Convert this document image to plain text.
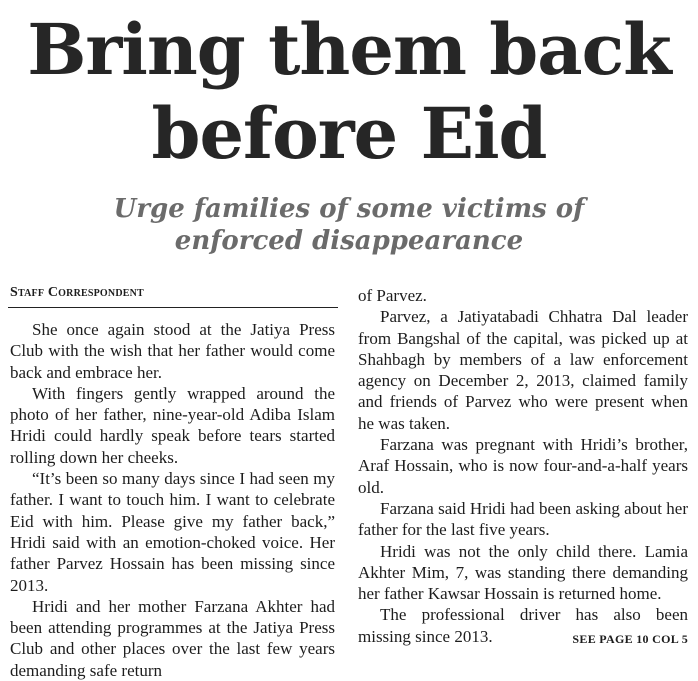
Bring them back
before Eid
Urge families of some victims of
enforced disappearance
Staff Correspondent

She once again stood at the Jatiya Press Club with the wish that her father would come back and embrace her.

With fingers gently wrapped around the photo of her father, nine-year-old Adiba Islam Hridi could hardly speak before tears started rolling down her cheeks.

“It’s been so many days since I had seen my father. I want to touch him. I want to celebrate Eid with him. Please give my father back,” Hridi said with an emotion-choked voice. Her father Parvez Hossain has been missing since 2013.

Hridi and her mother Farzana Akhter had been attending programmes at the Jatiya Press Club and other places over the last few years demanding safe return

of Parvez.

Parvez, a Jatiyatabadi Chhatra Dal leader from Bangshal of the capital, was picked up at Shahbagh by members of a law enforcement agency on December 2, 2013, claimed family and friends of Parvez who were present when he was taken.

Farzana was pregnant with Hridi’s brother, Araf Hossain, who is now four-and-a-half years old.

Farzana said Hridi had been asking about her father for the last five years.

Hridi was not the only child there. Lamia Akhter Mim, 7, was standing there demanding her father Kawsar Hossain is returned home.

The professional driver has also been missing since 2013.	SEE PAGE 10 COL 5
